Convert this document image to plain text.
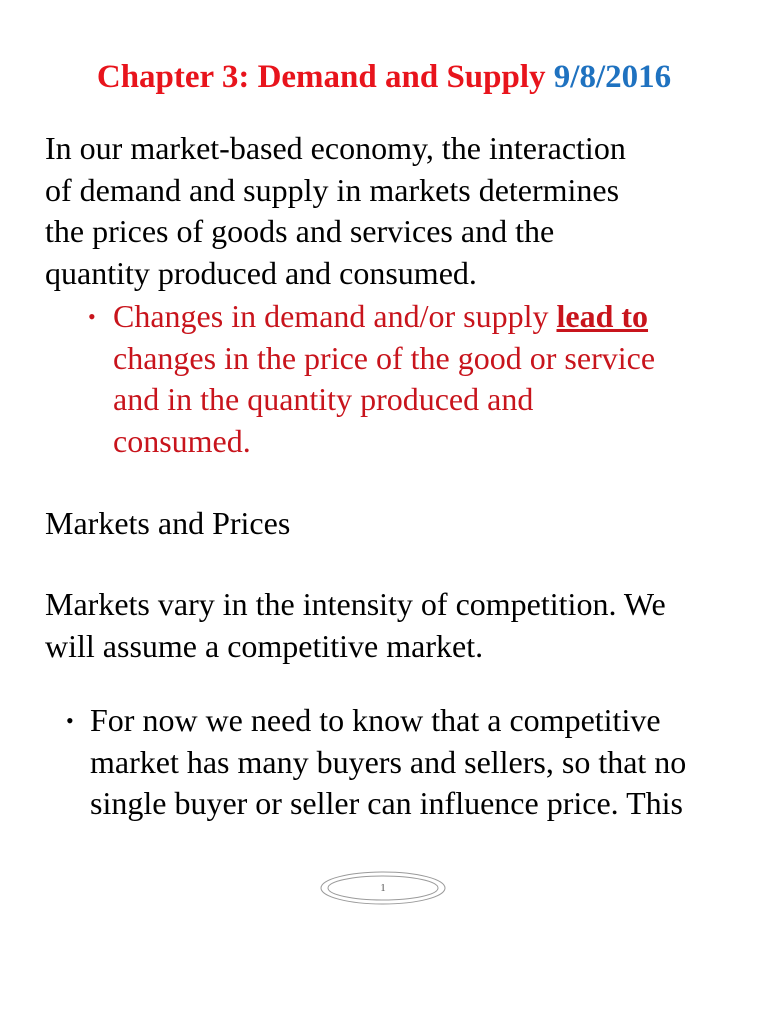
Chapter 3: Demand and Supply 9/8/2016
In our market-based economy, the interaction
of demand and supply in markets determines
the prices of goods and services and the
quantity produced and consumed.
• Changes in demand and/or supply lead to
changes in the price of the good or service
and in the quantity produced and
consumed.
Markets and Prices
Markets vary in the intensity of competition. We
will assume a competitive market.
• For now we need to know that a competitive
market has many buyers and sellers, so that no
single buyer or seller can influence price. This
1
